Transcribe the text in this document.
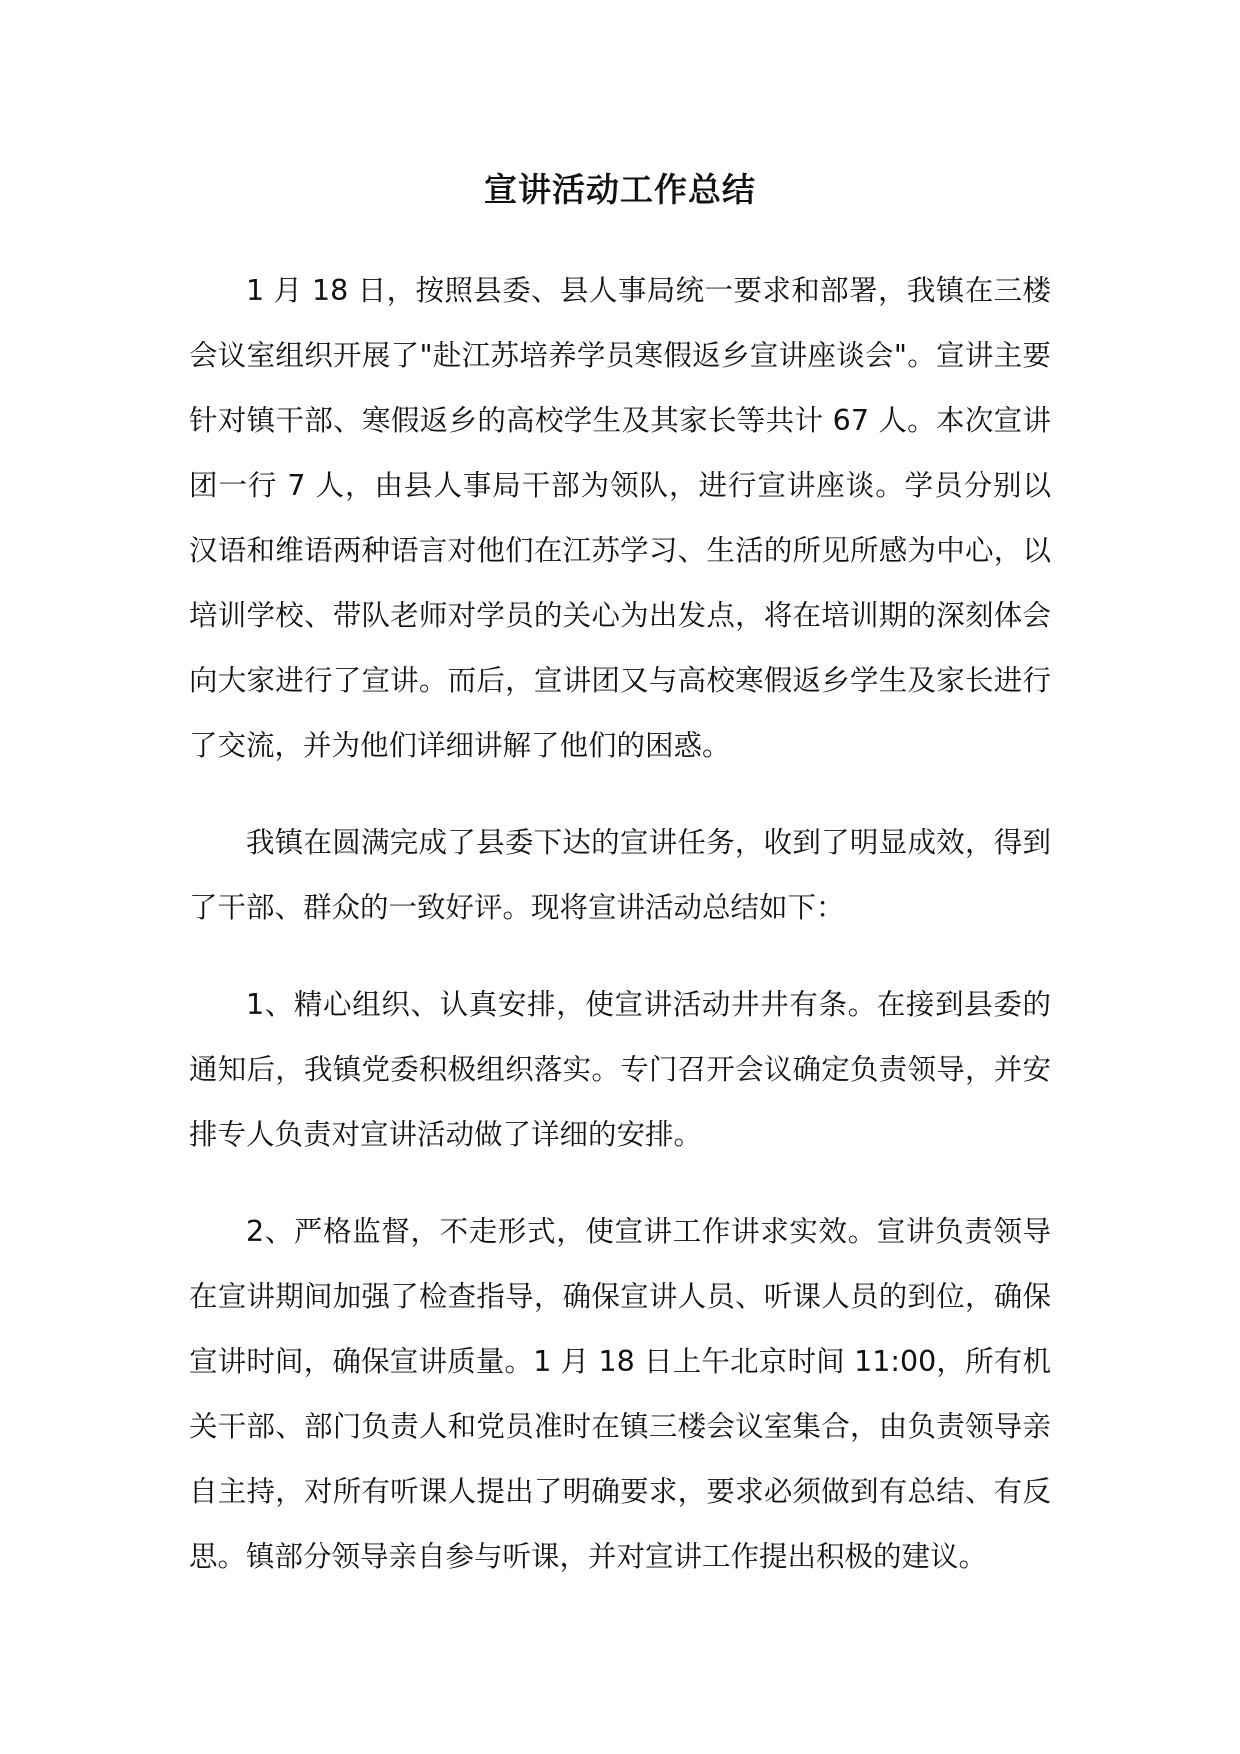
宣讲活动工作总结

1 月 18 日，按照县委、县人事局统一要求和部署，我镇在三楼会议室组织开展了"赴江苏培养学员寒假返乡宣讲座谈会"。宣讲主要针对镇干部、寒假返乡的高校学生及其家长等共计 67 人。本次宣讲团一行 7 人，由县人事局干部为领队，进行宣讲座谈。学员分别以汉语和维语两种语言对他们在江苏学习、生活的所见所感为中心，以培训学校、带队老师对学员的关心为出发点，将在培训期的深刻体会向大家进行了宣讲。而后，宣讲团又与高校寒假返乡学生及家长进行了交流，并为他们详细讲解了他们的困惑。

我镇在圆满完成了县委下达的宣讲任务，收到了明显成效，得到了干部、群众的一致好评。现将宣讲活动总结如下：

1、精心组织、认真安排，使宣讲活动井井有条。在接到县委的通知后，我镇党委积极组织落实。专门召开会议确定负责领导，并安排专人负责对宣讲活动做了详细的安排。

2、严格监督，不走形式，使宣讲工作讲求实效。宣讲负责领导在宣讲期间加强了检查指导，确保宣讲人员、听课人员的到位，确保宣讲时间，确保宣讲质量。1 月 18 日上午北京时间 11:00，所有机关干部、部门负责人和党员准时在镇三楼会议室集合，由负责领导亲自主持，对所有听课人提出了明确要求，要求必须做到有总结、有反思。镇部分领导亲自参与听课，并对宣讲工作提出积极的建议。
